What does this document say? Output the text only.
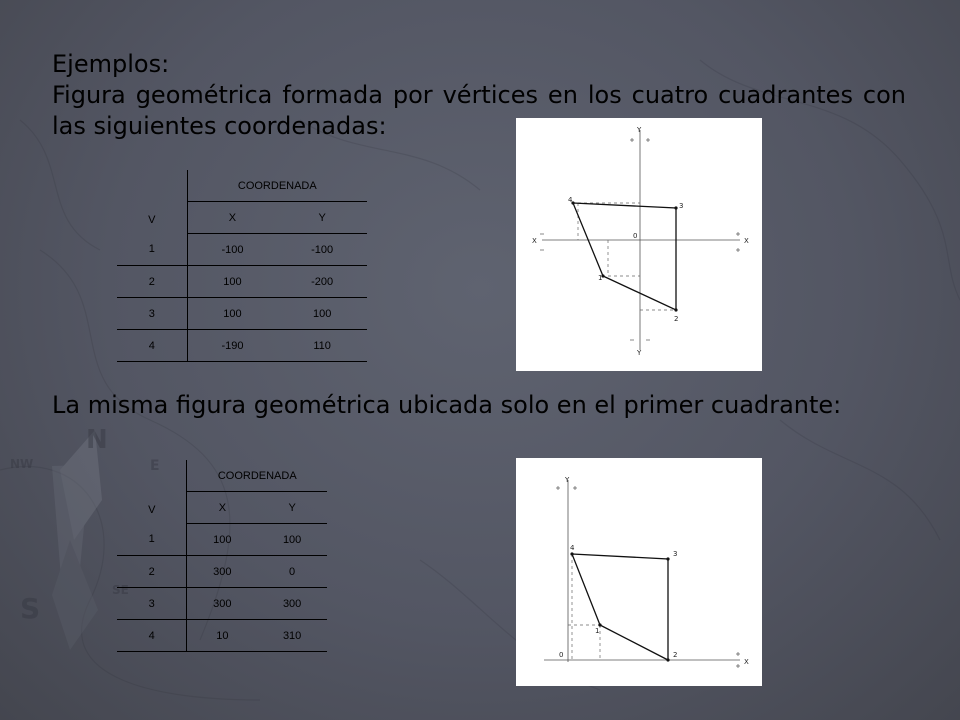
N
S
NW	E
SE
Ejemplos:
Figura geométrica formada por vértices en los cuatro cuadrantes con las siguientes coordenadas:
V	COORDENADA	
	X	Y
1	-100	-100
2	100	-200
3	100	100
4	-190	110
Y
Y
X	X
0
1
2
3
4
La misma figura geométrica ubicada solo en el primer cuadrante:
V	COORDENADA	
	X	Y
1	100	100
2	300	0
3	300	300
4	10	310
Y
X
0
1
2
3
4
